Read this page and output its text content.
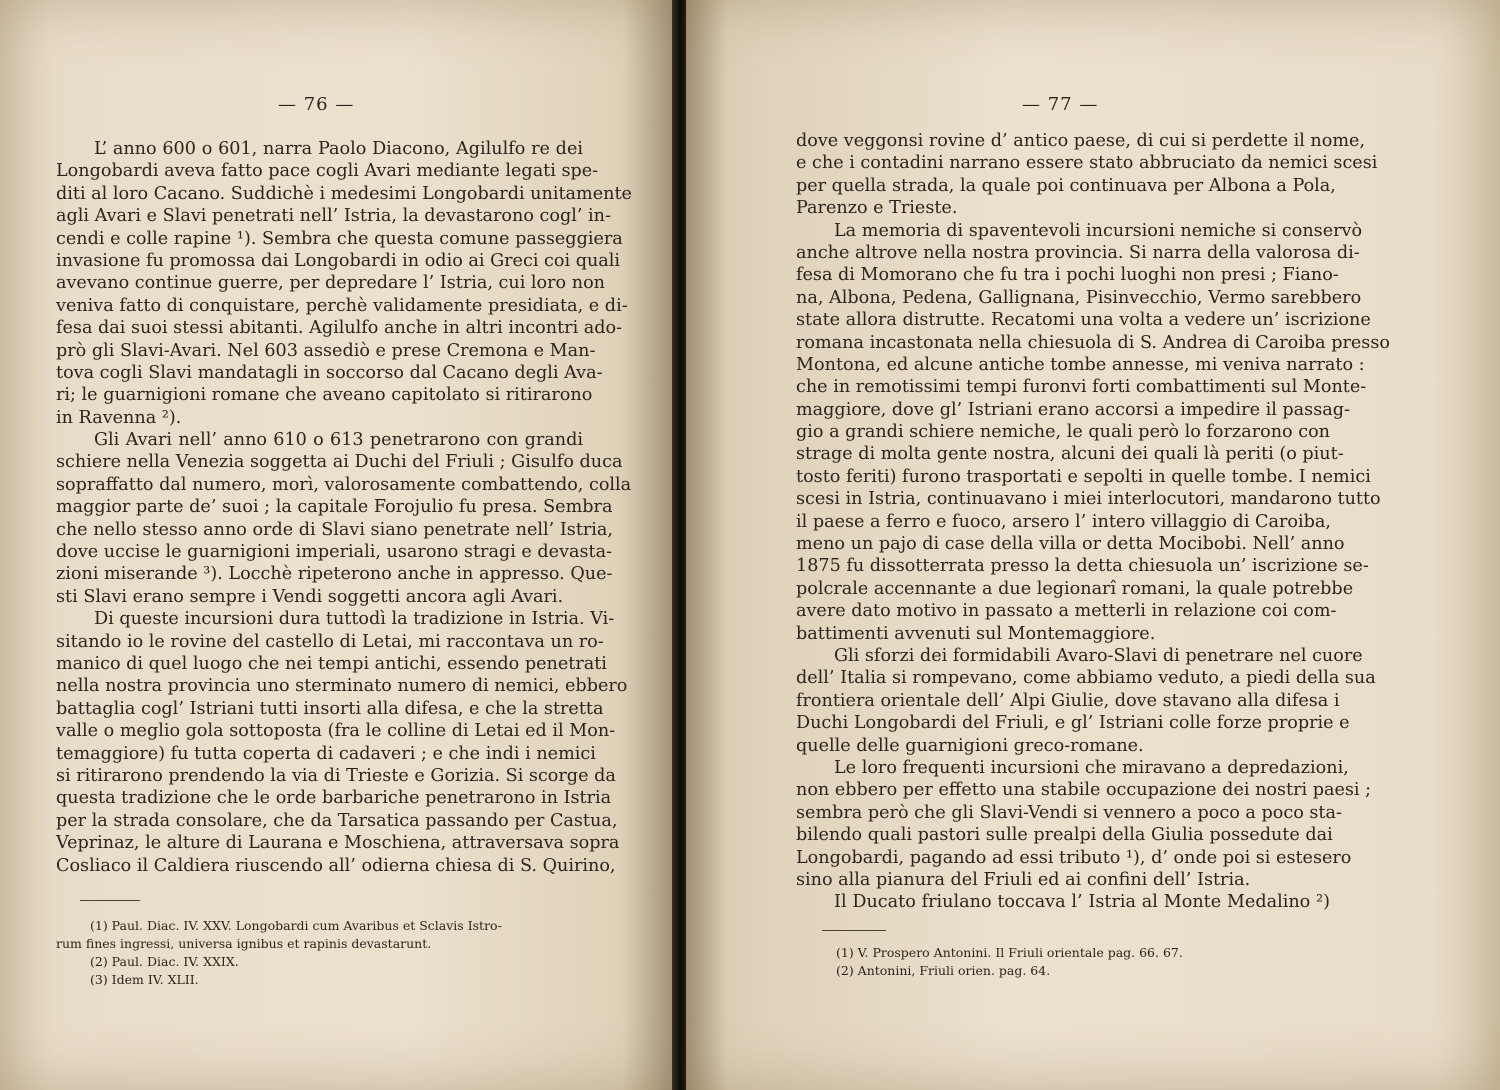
— 76 —
L’ anno 600 o 601, narra Paolo Diacono, Agilulfo re dei
Longobardi aveva fatto pace cogli Avari mediante legati spe-
diti al loro Cacano. Suddichè i medesimi Longobardi unitamente
agli Avari e Slavi penetrati nell’ Istria, la devastarono cogl’ in-
cendi e colle rapine ¹). Sembra che questa comune passeggiera
invasione fu promossa dai Longobardi in odio ai Greci coi quali
avevano continue guerre, per depredare l’ Istria, cui loro non
veniva fatto di conquistare, perchè validamente presidiata, e di-
fesa dai suoi stessi abitanti. Agilulfo anche in altri incontri ado-
prò gli Slavi-Avari. Nel 603 assediò e prese Cremona e Man-
tova cogli Slavi mandatagli in soccorso dal Cacano degli Ava-
ri; le guarnigioni romane che aveano capitolato si ritirarono
in Ravenna ²).
Gli Avari nell’ anno 610 o 613 penetrarono con grandi
schiere nella Venezia soggetta ai Duchi del Friuli ; Gisulfo duca
sopraffatto dal numero, morì, valorosamente combattendo, colla
maggior parte de’ suoi ; la capitale Forojulio fu presa. Sembra
che nello stesso anno orde di Slavi siano penetrate nell’ Istria,
dove uccise le guarnigioni imperiali, usarono stragi e devasta-
zioni miserande ³). Locchè ripeterono anche in appresso. Que-
sti Slavi erano sempre i Vendi soggetti ancora agli Avari.
Di queste incursioni dura tuttodì la tradizione in Istria. Vi-
sitando io le rovine del castello di Letai, mi raccontava un ro-
manico di quel luogo che nei tempi antichi, essendo penetrati
nella nostra provincia uno sterminato numero di nemici, ebbero
battaglia cogl’ Istriani tutti insorti alla difesa, e che la stretta
valle o meglio gola sottoposta (fra le colline di Letai ed il Mon-
temaggiore) fu tutta coperta di cadaveri ; e che indi i nemici
si ritirarono prendendo la via di Trieste e Gorizia. Si scorge da
questa tradizione che le orde barbariche penetrarono in Istria
per la strada consolare, che da Tarsatica passando per Castua,
Veprinaz, le alture di Laurana e Moschiena, attraversava sopra
Cosliaco il Caldiera riuscendo all’ odierna chiesa di S. Quirino,
(1) Paul. Diac. IV. XXV. Longobardi cum Avaribus et Sclavis Istro-
rum fines ingressi, universa ignibus et rapinis devastarunt.
(2) Paul. Diac. IV. XXIX.
(3) Idem IV. XLII.
— 77 —
dove veggonsi rovine d’ antico paese, di cui si perdette il nome,
e che i contadini narrano essere stato abbruciato da nemici scesi
per quella strada, la quale poi continuava per Albona a Pola,
Parenzo e Trieste.
La memoria di spaventevoli incursioni nemiche si conservò
anche altrove nella nostra provincia. Si narra della valorosa di-
fesa di Momorano che fu tra i pochi luoghi non presi ; Fiano-
na, Albona, Pedena, Gallignana, Pisinvecchio, Vermo sarebbero
state allora distrutte. Recatomi una volta a vedere un’ iscrizione
romana incastonata nella chiesuola di S. Andrea di Caroiba presso
Montona, ed alcune antiche tombe annesse, mi veniva narrato :
che in remotissimi tempi furonvi forti combattimenti sul Monte-
maggiore, dove gl’ Istriani erano accorsi a impedire il passag-
gio a grandi schiere nemiche, le quali però lo forzarono con
strage di molta gente nostra, alcuni dei quali là periti (o piut-
tosto feriti) furono trasportati e sepolti in quelle tombe. I nemici
scesi in Istria, continuavano i miei interlocutori, mandarono tutto
il paese a ferro e fuoco, arsero l’ intero villaggio di Caroiba,
meno un pajo di case della villa or detta Mocibobi. Nell’ anno
1875 fu dissotterrata presso la detta chiesuola un’ iscrizione se-
polcrale accennante a due legionarî romani, la quale potrebbe
avere dato motivo in passato a metterli in relazione coi com-
battimenti avvenuti sul Montemaggiore.
Gli sforzi dei formidabili Avaro-Slavi di penetrare nel cuore
dell’ Italia si rompevano, come abbiamo veduto, a piedi della sua
frontiera orientale dell’ Alpi Giulie, dove stavano alla difesa i
Duchi Longobardi del Friuli, e gl’ Istriani colle forze proprie e
quelle delle guarnigioni greco-romane.
Le loro frequenti incursioni che miravano a depredazioni,
non ebbero per effetto una stabile occupazione dei nostri paesi ;
sembra però che gli Slavi-Vendi si vennero a poco a poco sta-
bilendo quali pastori sulle prealpi della Giulia possedute dai
Longobardi, pagando ad essi tributo ¹), d’ onde poi si estesero
sino alla pianura del Friuli ed ai confini dell’ Istria.
Il Ducato friulano toccava l’ Istria al Monte Medalino ²)
(1) V. Prospero Antonini. Il Friuli orientale pag. 66. 67.
(2) Antonini, Friuli orien. pag. 64.
